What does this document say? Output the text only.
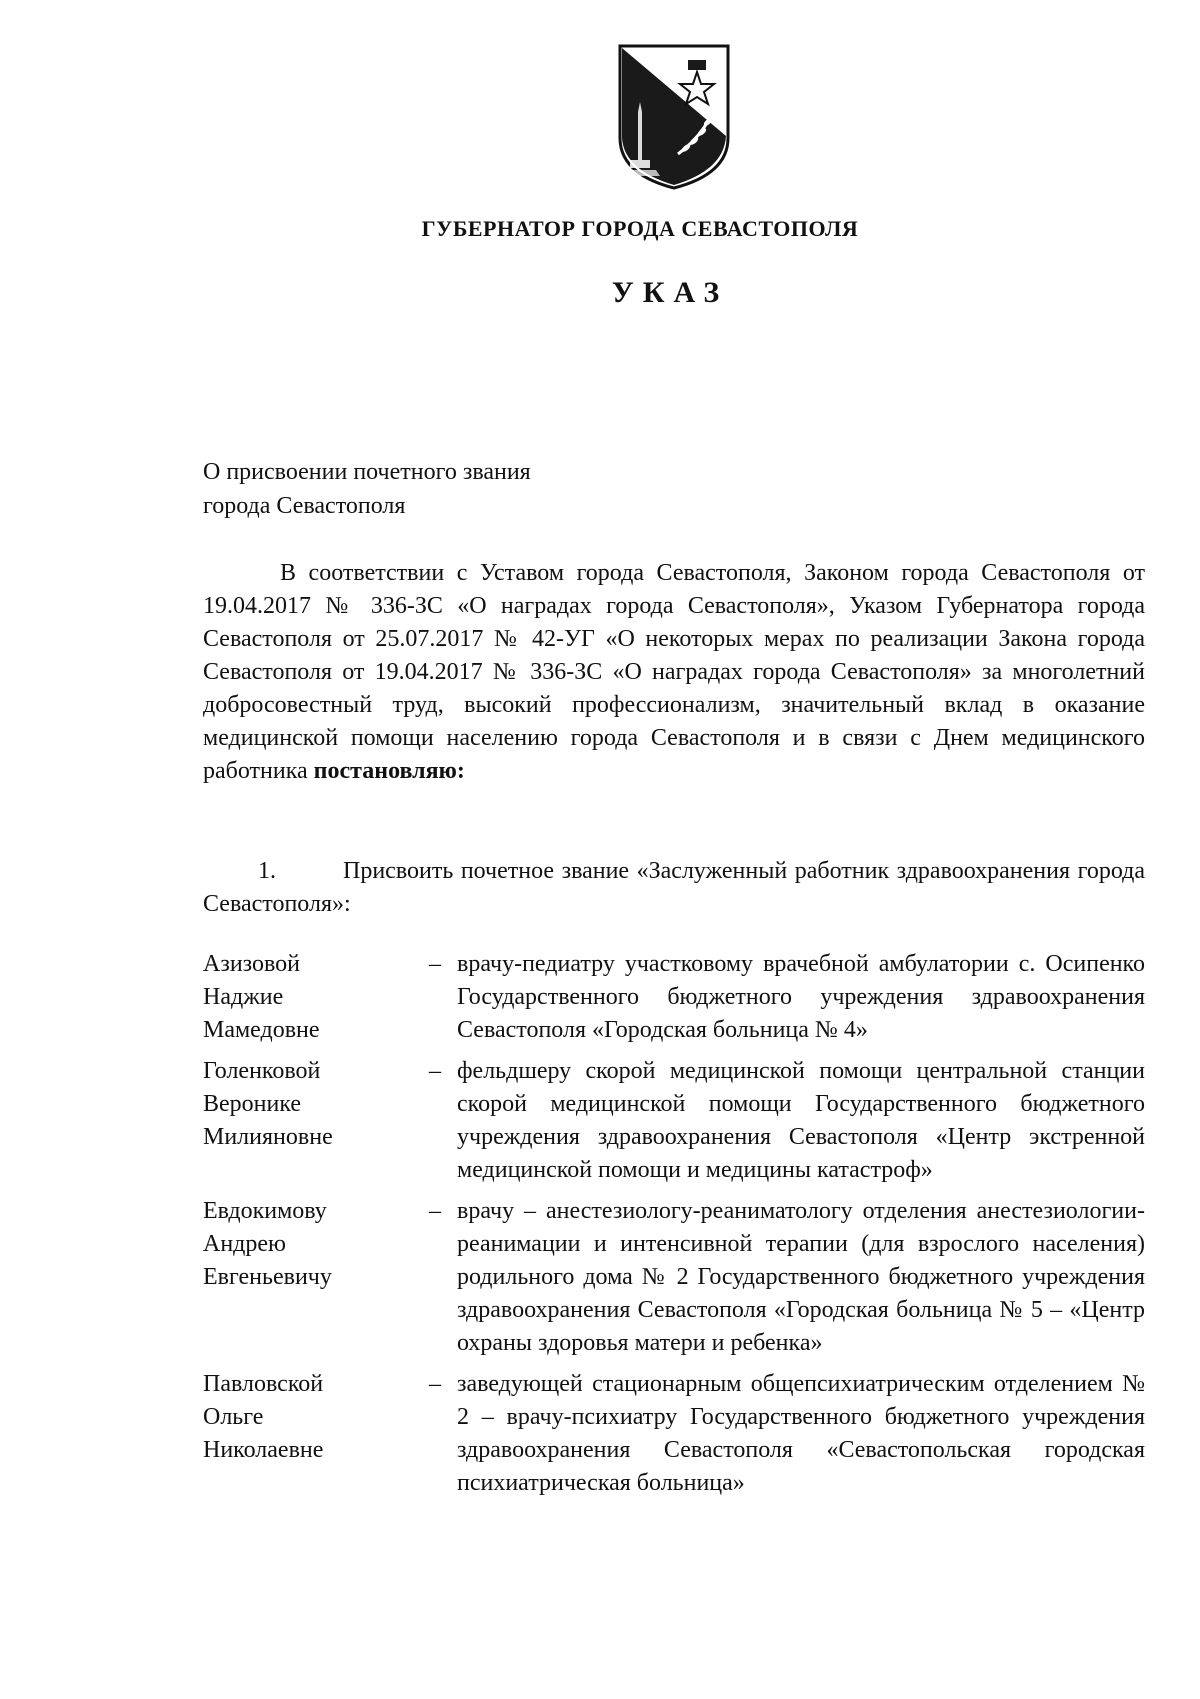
ГУБЕРНАТОР ГОРОДА СЕВАСТОПОЛЯ
УКАЗ
О присвоении почетного звания
города Севастополя
В соответствии с Уставом города Севастополя, Законом города Севастополя от 19.04.2017 № 336-ЗС «О наградах города Севастополя», Указом Губернатора города Севастополя от 25.07.2017 № 42-УГ «О некоторых мерах по реализации Закона города Севастополя от 19.04.2017 № 336-ЗС «О наградах города Севастополя» за многолетний добросовестный труд, высокий профессионализм, значительный вклад в оказание медицинской помощи населению города Севастополя и в связи с Днем медицинского работника постановляю:
1.	Присвоить почетное звание «Заслуженный работник здравоохранения города Севастополя»:
Азизовой
Наджие
Мамедовне
– врачу-педиатру участковому врачебной амбулатории с. Осипенко Государственного бюджетного учреждения здравоохранения Севастополя «Городская больница № 4»
Голенковой
Веронике
Милияновне
– фельдшеру скорой медицинской помощи центральной станции скорой медицинской помощи Государственного бюджетного учреждения здравоохранения Севастополя «Центр экстренной медицинской помощи и медицины катастроф»
Евдокимову
Андрею
Евгеньевичу
– врачу – анестезиологу-реаниматологу отделения анестезиологии-реанимации и интенсивной терапии (для взрослого населения) родильного дома № 2 Государственного бюджетного учреждения здравоохранения Севастополя «Городская больница № 5 – «Центр охраны здоровья матери и ребенка»
Павловской
Ольге
Николаевне
– заведующей стационарным общепсихиатрическим отделением № 2 – врачу-психиатру Государственного бюджетного учреждения здравоохранения Севастополя «Севастопольская городская психиатрическая больница»
